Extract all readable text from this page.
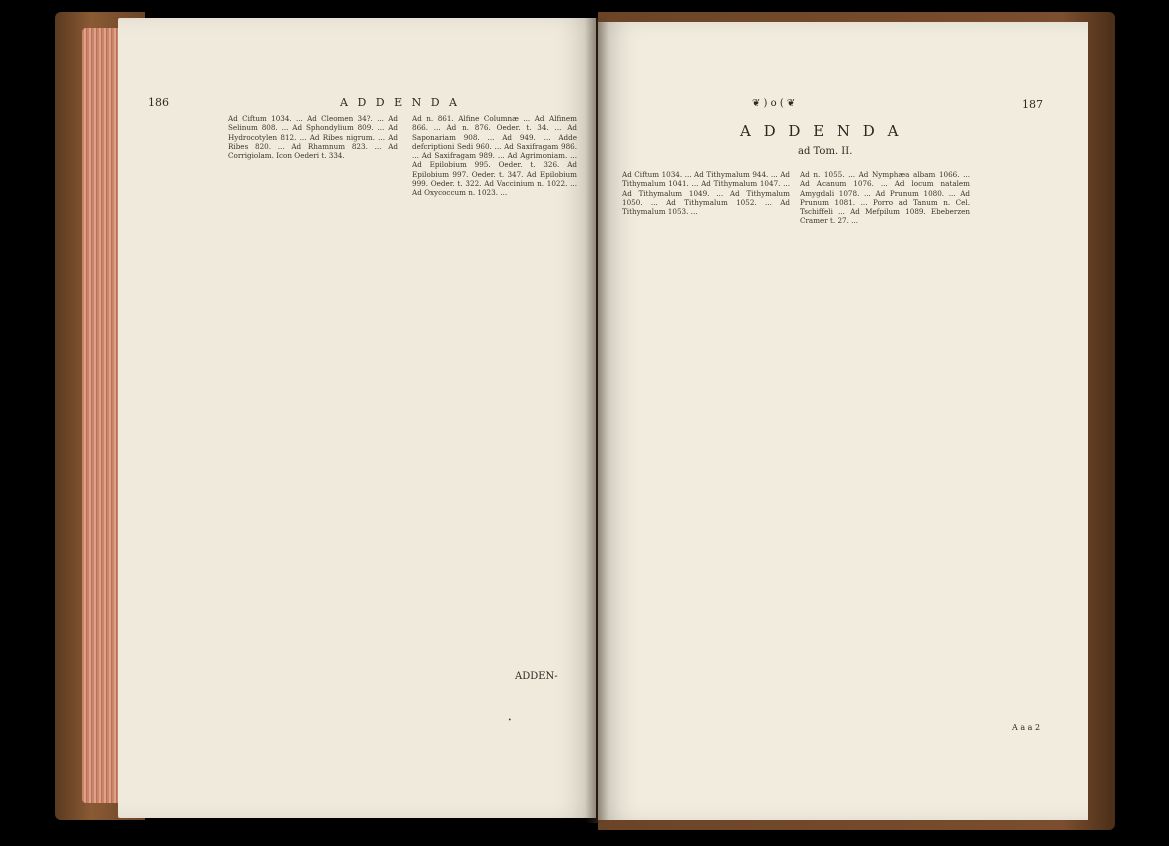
186	A D D E N D A
Ad Ciftum 1034. ... Ad Cleomen 34?. ... Ad Selinum 808. ... Ad Sphondylium 809. ... Ad Hydrocotylen 812. ... Ad Ribes nigrum. ... Ad Ribes 820. ... Ad Rhamnum 823. ... Ad Corrigiolam. Icon Oederi t. 334.
Ad n. 861. Alfine Columnæ ... Ad Alfinem 866. ... Ad n. 876. Oeder. t. 34. ... Ad Saponariam 908. ... Ad 949. ... Adde defcriptioni Sedi 960. ... Ad Saxifragam 986. ... Ad Saxifragam 989. ... Ad Agrimoniam. ... Ad Epilobium 995. Oeder. t. 326. Ad Epilobium 997. Oeder. t. 347. Ad Epilobium 999. Oeder. t. 322. Ad Vaccinium n. 1022. ... Ad Oxycoccum n. 1023. ...
ADDEN-
•
❦ ) o ( ❦	187
A D D E N D A
ad Tom. II.
Ad Ciftum 1034. ... Ad Tithymalum 944. ... Ad Tithymalum 1041. ... Ad Tithymalum 1047. ... Ad Tithymalum 1049. ... Ad Tithymalum 1050. ... Ad Tithymalum 1052. ... Ad Tithymalum 1053. ...
Ad n. 1055. ... Ad Nymphæa albam 1066. ... Ad Acanum 1076. ... Ad locum natalem Amygdali 1078. ... Ad Prunum 1080. ... Ad Prunum 1081. ... Porro ad Tanum n. Cel. Tschiffeli ... Ad Mefpilum 1089. Ebeberzen Cramer t. 27. ...
A a a 2
